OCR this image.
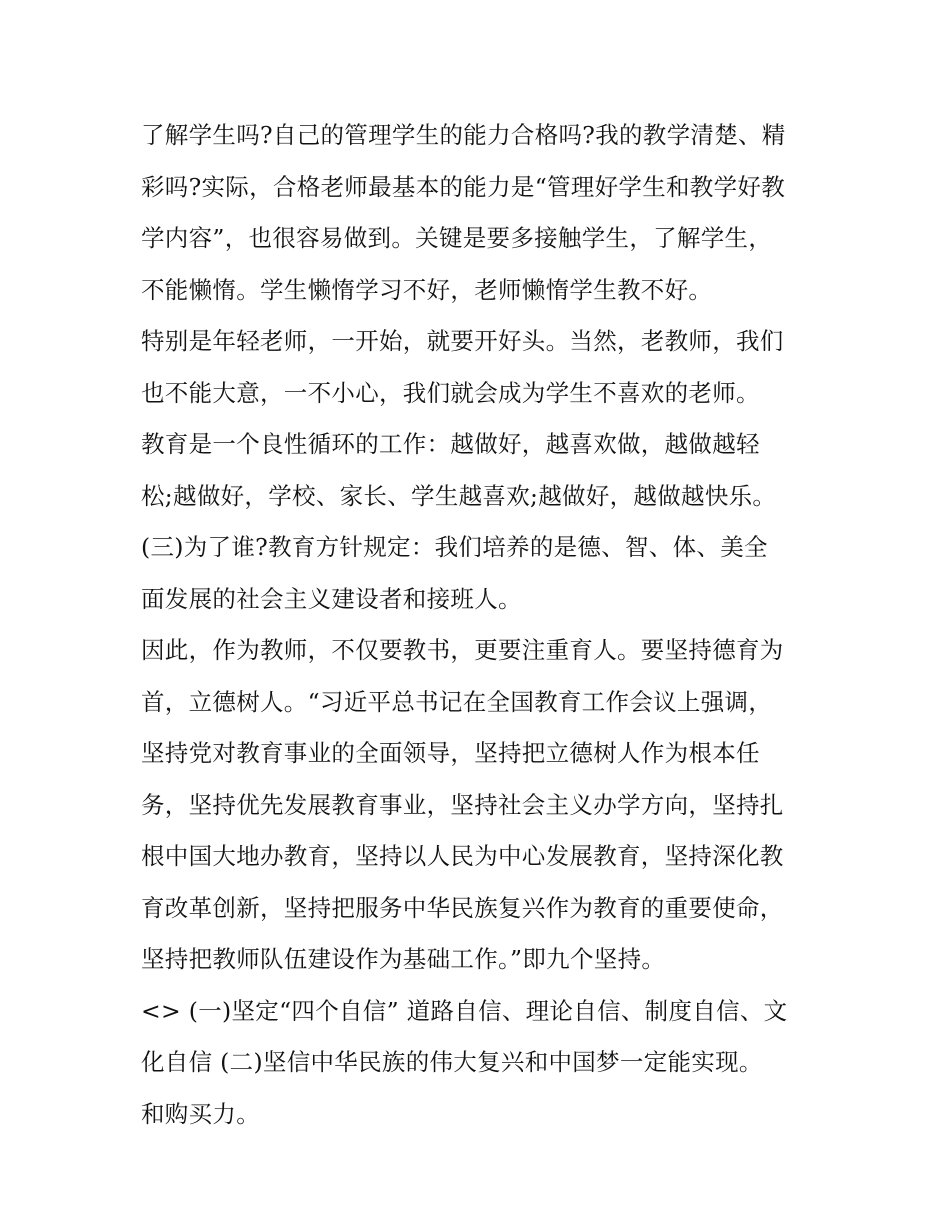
了解学生吗?自己的管理学生的能力合格吗?我的教学清楚、精
彩吗?实际，合格老师最基本的能力是“管理好学生和教学好教
学内容”，也很容易做到。关键是要多接触学生，了解学生，
不能懒惰。学生懒惰学习不好，老师懒惰学生教不好。
特别是年轻老师，一开始，就要开好头。当然，老教师，我们
也不能大意，一不小心，我们就会成为学生不喜欢的老师。
教育是一个良性循环的工作：越做好，越喜欢做，越做越轻
松;越做好，学校、家长、学生越喜欢;越做好，越做越快乐。
(三)为了谁?教育方针规定：我们培养的是德、智、体、美全
面发展的社会主义建设者和接班人。
因此，作为教师，不仅要教书，更要注重育人。要坚持德育为
首，立德树人。“习近平总书记在全国教育工作会议上强调，
坚持党对教育事业的全面领导，坚持把立德树人作为根本任
务，坚持优先发展教育事业，坚持社会主义办学方向，坚持扎
根中国大地办教育，坚持以人民为中心发展教育，坚持深化教
育改革创新，坚持把服务中华民族复兴作为教育的重要使命，
坚持把教师队伍建设作为基础工作。”即九个坚持。
<> (一)坚定“四个自信” 道路自信、理论自信、制度自信、文
化自信 (二)坚信中华民族的伟大复兴和中国梦一定能实现。
和购买力。
